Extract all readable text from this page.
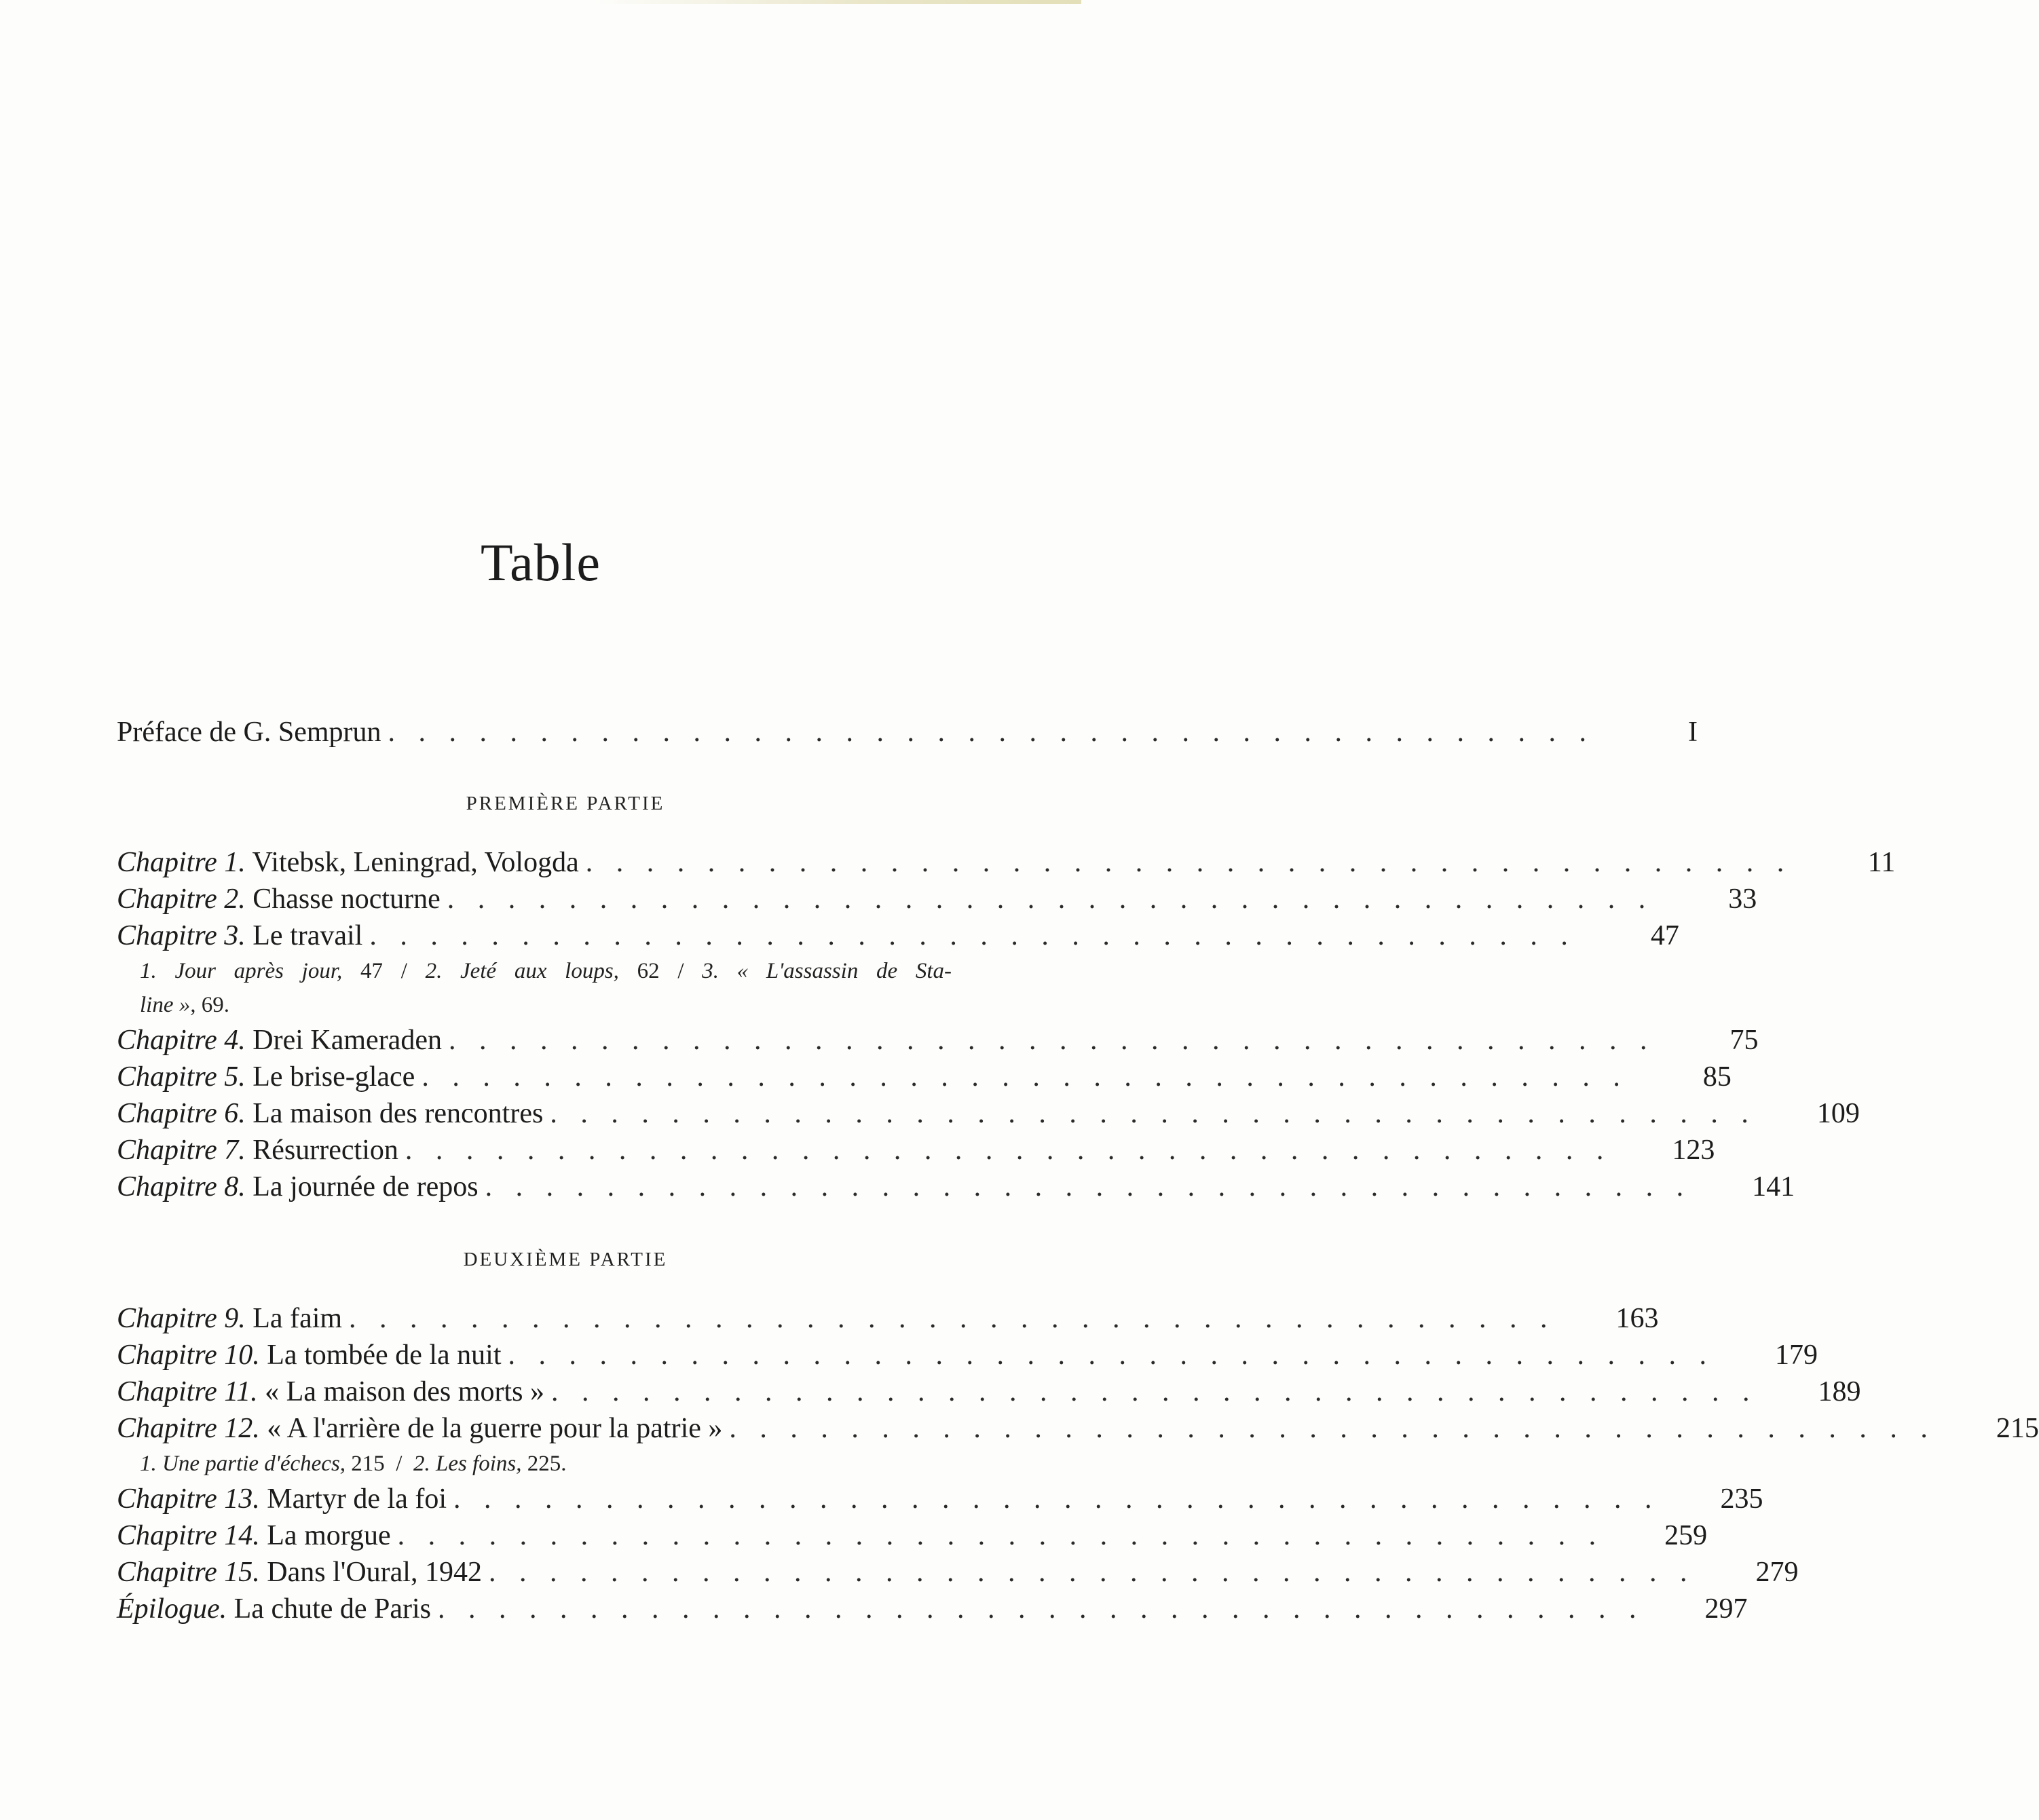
Table
Préface de G. Semprun . . . . . . . . . . . . . . . . . . . . . . . . . . . . . . . . . . . . . . . .	I
PREMIÈRE PARTIE
Chapitre 1. Vitebsk, Leningrad, Vologda . . . . . . . . . . . . . . . . . . . . . . . . . . . . . . . . . . . . . . . .	11
Chapitre 2. Chasse nocturne . . . . . . . . . . . . . . . . . . . . . . . . . . . . . . . . . . . . . . . .	33
Chapitre 3. Le travail . . . . . . . . . . . . . . . . . . . . . . . . . . . . . . . . . . . . . . . .	47
1. Jour après jour, 47 / 2. Jeté aux loups, 62 / 3. « L'assassin de Sta-
line », 69.
Chapitre 4. Drei Kameraden . . . . . . . . . . . . . . . . . . . . . . . . . . . . . . . . . . . . . . . .	75
Chapitre 5. Le brise-glace . . . . . . . . . . . . . . . . . . . . . . . . . . . . . . . . . . . . . . . .	85
Chapitre 6. La maison des rencontres . . . . . . . . . . . . . . . . . . . . . . . . . . . . . . . . . . . . . . . .	109
Chapitre 7. Résurrection . . . . . . . . . . . . . . . . . . . . . . . . . . . . . . . . . . . . . . . .	123
Chapitre 8. La journée de repos . . . . . . . . . . . . . . . . . . . . . . . . . . . . . . . . . . . . . . . .	141
DEUXIÈME PARTIE
Chapitre 9. La faim . . . . . . . . . . . . . . . . . . . . . . . . . . . . . . . . . . . . . . . .	163
Chapitre 10. La tombée de la nuit . . . . . . . . . . . . . . . . . . . . . . . . . . . . . . . . . . . . . . . .	179
Chapitre 11. « La maison des morts » . . . . . . . . . . . . . . . . . . . . . . . . . . . . . . . . . . . . . . . .	189
Chapitre 12. « A l'arrière de la guerre pour la patrie » . . . . . . . . . . . . . . . . . . . . . . . . . . . . . . . . . . . . . . . .	215
1. Une partie d'échecs, 215  /  2. Les foins, 225.
Chapitre 13. Martyr de la foi . . . . . . . . . . . . . . . . . . . . . . . . . . . . . . . . . . . . . . . .	235
Chapitre 14. La morgue . . . . . . . . . . . . . . . . . . . . . . . . . . . . . . . . . . . . . . . .	259
Chapitre 15. Dans l'Oural, 1942 . . . . . . . . . . . . . . . . . . . . . . . . . . . . . . . . . . . . . . . .	279
Épilogue. La chute de Paris . . . . . . . . . . . . . . . . . . . . . . . . . . . . . . . . . . . . . . . .	297
